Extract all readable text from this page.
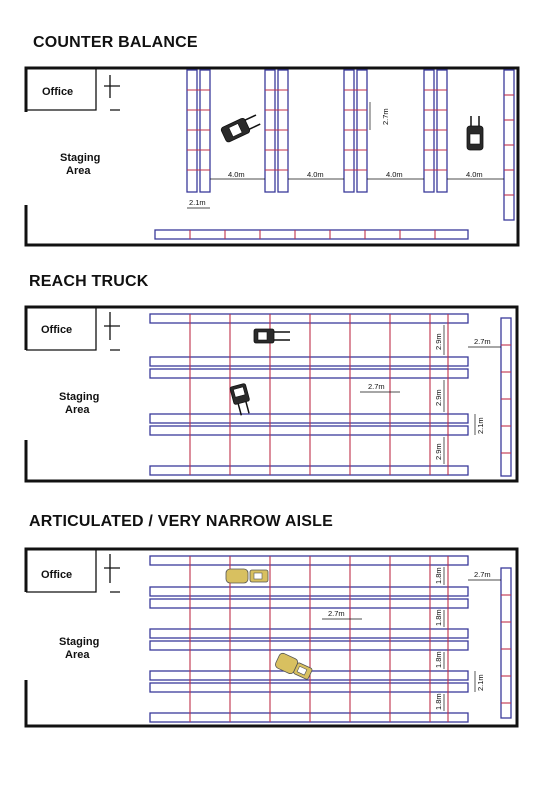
COUNTER BALANCE
REACH TRUCK
ARTICULATED / VERY NARROW AISLE
Office
Staging
Area	4.0m	4.0m	4.0m	4.0m
2.7m
2.1m
Office
Staging
Area
2.7m
2.7m
2.9m
2.9m
2.9m
2.1m
Office
Staging
Area
2.7m
2.7m
1.8m
1.8m
1.8m
1.8m
2.1m
